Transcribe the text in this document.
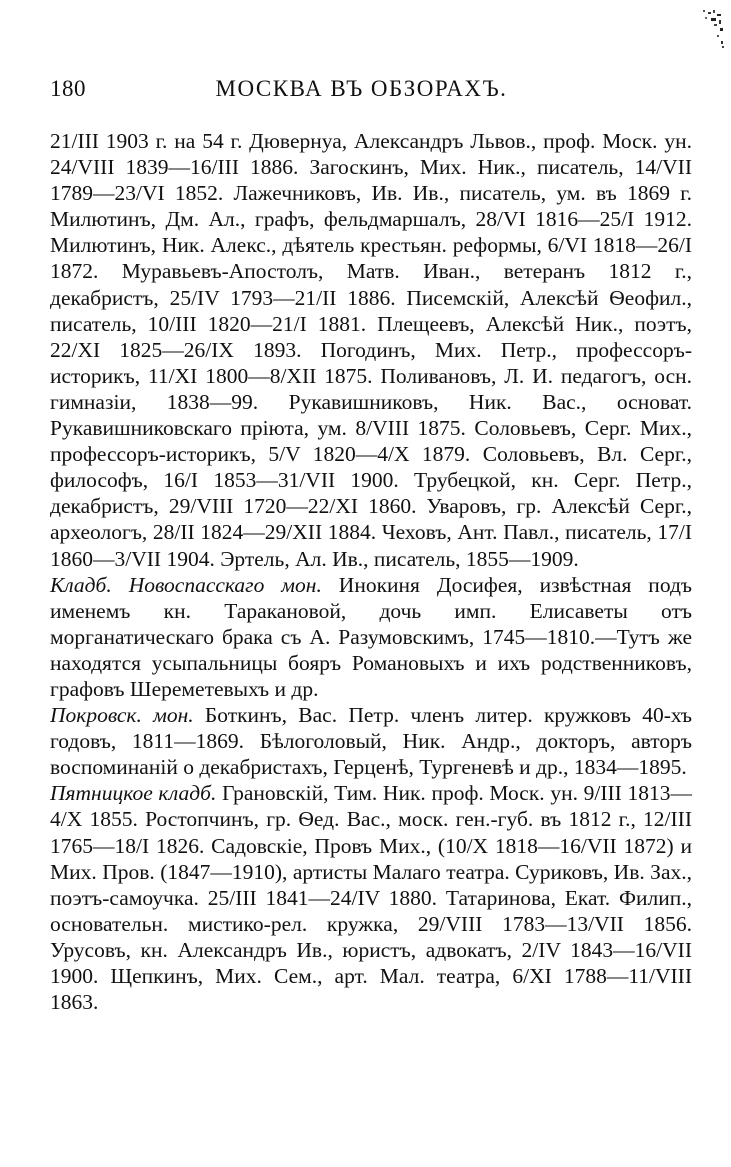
180	МОСКВА ВЪ ОБЗОРАХЪ.

21/III 1903 г. на 54 г. Дювернуа, Александръ Львов., проф. Моск. ун. 24/VIII 1839—16/III 1886. Загоскинъ, Мих. Ник., писатель, 14/VII 1789—23/VI 1852. Лажечниковъ, Ив. Ив., писатель, ум. въ 1869 г. Милютинъ, Дм. Ал., графъ, фельдмаршалъ, 28/VI 1816—25/I 1912. Милютинъ, Ник. Алекс., дѣятель крестьян. реформы, 6/VI 1818—26/I 1872. Муравьевъ-Апостолъ, Матв. Иван., ветеранъ 1812 г., декабристъ, 25/IV 1793—21/II 1886. Писемскій, Алексѣй Ѳеофил., писатель, 10/III 1820—21/I 1881. Плещеевъ, Алексѣй Ник., поэтъ, 22/XI 1825—26/IX 1893. Погодинъ, Мих. Петр., профессоръ-историкъ, 11/XI 1800—8/XII 1875. Поливановъ, Л. И. педагогъ, осн. гимназіи, 1838—99. Рукавишниковъ, Ник. Вас., основат. Рукавишниковскаго пріюта, ум. 8/VIII 1875. Соловьевъ, Серг. Мих., профессоръ-историкъ, 5/V 1820—4/X 1879. Соловьевъ, Вл. Серг., философъ, 16/I 1853—31/VII 1900. Трубецкой, кн. Серг. Петр., декабристъ, 29/VIII 1720—22/XI 1860. Уваровъ, гр. Алексѣй Серг., археологъ, 28/II 1824—29/XII 1884. Чеховъ, Ант. Павл., писатель, 17/I 1860—3/VII 1904. Эртель, Ал. Ив., писатель, 1855—1909.

Кладб. Новоспасскаго мон. Инокиня Досифея, извѣстная подъ именемъ кн. Таракановой, дочь имп. Елисаветы отъ морганатическаго брака съ А. Разумовскимъ, 1745—1810.—Тутъ же находятся усыпальницы бояръ Романовыхъ и ихъ родственниковъ, графовъ Шереметевыхъ и др.

Покровск. мон. Боткинъ, Вас. Петр. членъ литер. кружковъ 40-хъ годовъ, 1811—1869. Бѣлоголовый, Ник. Андр., докторъ, авторъ воспоминаній о декабристахъ, Герценѣ, Тургеневѣ и др., 1834—1895.

Пятницкое кладб. Грановскій, Тим. Ник. проф. Моск. ун. 9/III 1813—4/X 1855. Ростопчинъ, гр. Ѳед. Вас., моск. ген.-губ. въ 1812 г., 12/III 1765—18/I 1826. Садовскіе, Провъ Мих., (10/X 1818—16/VII 1872) и Мих. Пров. (1847—1910), артисты Малаго театра. Суриковъ, Ив. Зах., поэтъ-самоучка. 25/III 1841—24/IV 1880. Татаринова, Екат. Филип., основательн. мистико-рел. кружка, 29/VIII 1783—13/VII 1856. Урусовъ, кн. Александръ Ив., юристъ, адвокатъ, 2/IV 1843—16/VII 1900. Щепкинъ, Мих. Сем., арт. Мал. театра, 6/XI 1788—11/VIII 1863.
